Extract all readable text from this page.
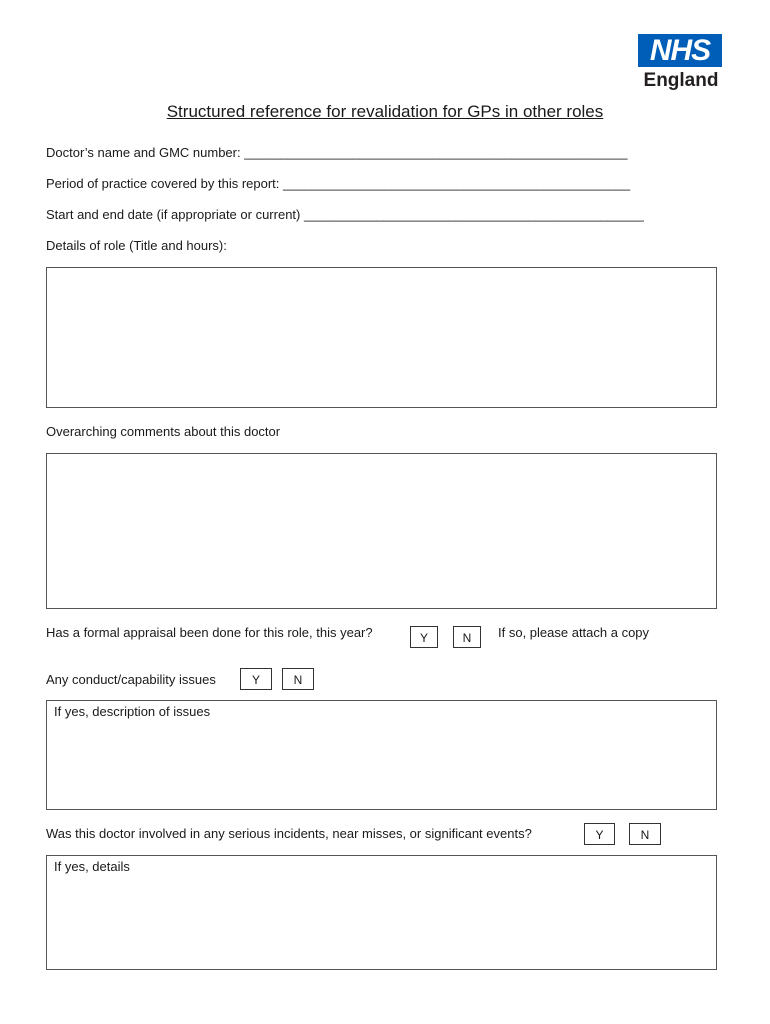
NHS
England
Structured reference for revalidation for GPs in other roles
Doctor’s name and GMC number: _____________________________________________________
Period of practice covered by this report: ________________________________________________
Start and end date (if appropriate or current) _______________________________________________
Details of role (Title and hours):
Overarching comments about this doctor
Has a formal appraisal been done for this role, this year?	Y	N	If so, please attach a copy
Any conduct/capability issues	Y	N
If yes, description of issues
Was this doctor involved in any serious incidents, near misses, or significant events?	Y	N
If yes, details
